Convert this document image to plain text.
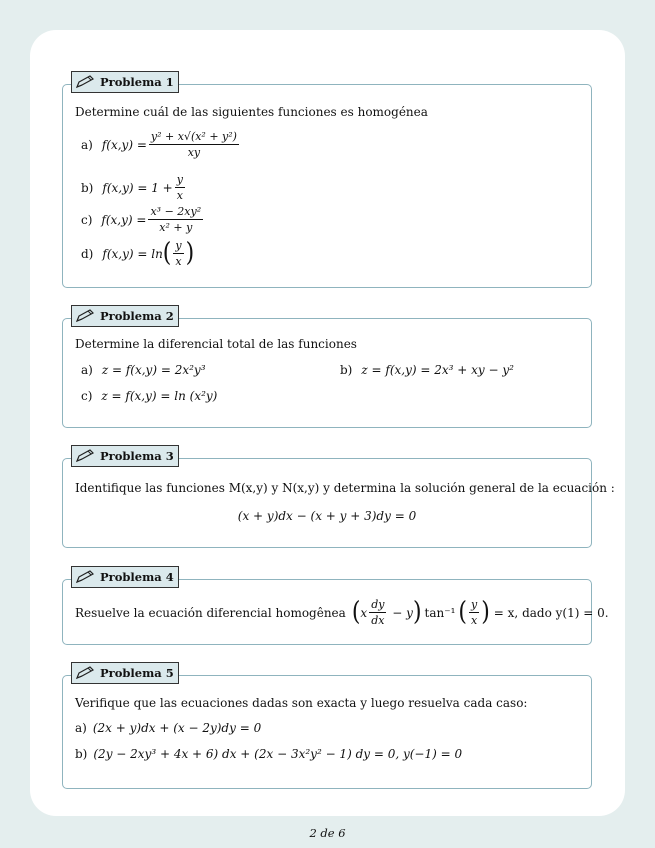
Problema 1
Determine cuál de las siguientes funciones es homogénea
a) $f(x,y) = \frac{\text{y² + x√(x² + y²)}}{xy}$
b) $f(x,y) = 1 + \frac{y}{x}$
c) $f(x,y) = \frac{\text{x³ − 2xy²}}{\text{x² + y}}$
d) f(x,y) = ln ( $\frac{y}{x}$ )
Problema 2
Determine la diferencial total de las funciones
a) z = f(x,y) = 2x²y³	b) z = f(x,y) = 2x³ + xy − y²
c) z = f(x,y) = ln (x²y)
Problema 3
Identifique las funciones M(x,y) y N(x,y) y determina la solución general de la ecuación :
(x + y)dx − (x + y + 3)dy = 0
Problema 4
Resuelve la ecuación diferencial homogênea ( x $\frac{dy}{dx} - y$ ) tan⁻¹ ( $\frac{y}{x}$ ) = x, dado y(1) = 0.
Problema 5
Verifique que las ecuaciones dadas son exacta y luego resuelva cada caso:
a) (2x + y)dx + (x − 2y)dy = 0
b) (2y − 2xy³ + 4x + 6) dx + (2x − 3x²y² − 1) dy = 0, y(−1) = 0
2 de 6
